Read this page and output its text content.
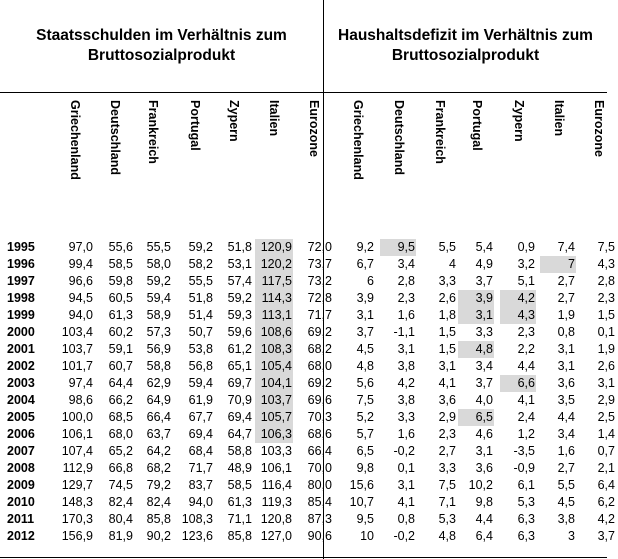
Staatsschulden im Verhältnis zum
Bruttosozialprodukt
Haushaltsdefizit im Verhältnis zum
Bruttosozialprodukt
Griechenland Deutschland Frankreich Portugal Zypern Italien Eurozone Griechenland Deutschland Frankreich Portugal Zypern Italien Eurozone
1995	97,0	55,6	55,5	59,2	51,8 120,9	72,0	9,2	9,5	5,5	5,4	0,9	7,4	7,5
1996	99,4	58,5	58,0	58,2	53,1 120,2	73,7	6,7	3,4	4	4,9	3,2	7	4,3
1997	96,6	59,8	59,2	55,5	57,4 117,5	73,2	6	2,8	3,3	3,7	5,1	2,7	2,8
1998	94,5	60,5	59,4	51,8	59,2 114,3	72,8	3,9	2,3	2,6	3,9	4,2	2,7	2,3
1999	94,0	61,3	58,9	51,4	59,3 113,1	71,7	3,1	1,6	1,8	3,1	4,3	1,9	1,5
2000	103,4	60,2	57,3	50,7	59,6 108,6	69,2	3,7	-1,1	1,5	3,3	2,3	0,8	0,1
2001	103,7	59,1	56,9	53,8	61,2 108,3	68,2	4,5	3,1	1,5	4,8	2,2	3,1	1,9
2002	101,7	60,7	58,8	56,8	65,1 105,4	68,0	4,8	3,8	3,1	3,4	4,4	3,1	2,6
2003	97,4	64,4	62,9	59,4	69,7 104,1	69,2	5,6	4,2	4,1	3,7	6,6	3,6	3,1
2004	98,6	66,2	64,9	61,9	70,9 103,7	69,6	7,5	3,8	3,6	4,0	4,1	3,5	2,9
2005	100,0	68,5	66,4	67,7	69,4 105,7	70,3	5,2	3,3	2,9	6,5	2,4	4,4	2,5
2006	106,1	68,0	63,7	69,4	64,7 106,3	68,6	5,7	1,6	2,3	4,6	1,2	3,4	1,4
2007	107,4	65,2	64,2	68,4	58,8 103,3	66,4	6,5	-0,2	2,7	3,1	-3,5	1,6	0,7
2008	112,9	66,8	68,2	71,7	48,9 106,1	70,0	9,8	0,1	3,3	3,6	-0,9	2,7	2,1
2009	129,7	74,5	79,2	83,7	58,5 116,4	80,0	15,6	3,1	7,5	10,2	6,1	5,5	6,4
2010	148,3	82,4	82,4	94,0	61,3 119,3	85,4	10,7	4,1	7,1	9,8	5,3	4,5	6,2
2011	170,3	80,4	85,8 108,3	71,1 120,8	87,3	9,5	0,8	5,3	4,4	6,3	3,8	4,2
2012	156,9	81,9	90,2 123,6	85,8 127,0	90,6	10	-0,2	4,8	6,4	6,3	3	3,7
